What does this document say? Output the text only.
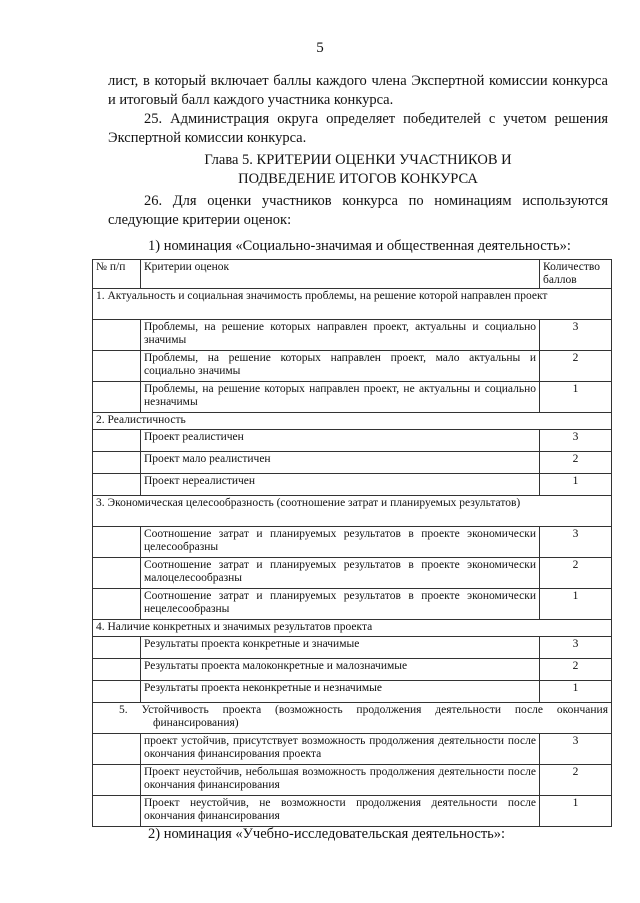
5

лист, в который включает баллы каждого члена Экспертной комиссии конкурса и итоговый балл каждого участника конкурса.

25. Администрация округа определяет победителей с учетом решения Экспертной комиссии конкурса.

Глава 5. КРИТЕРИИ ОЦЕНКИ УЧАСТНИКОВ И
ПОДВЕДЕНИЕ ИТОГОВ КОНКУРСА

26. Для оценки участников конкурса по номинациям используются следующие критерии оценок:

1) номинация «Социально-значимая и общественная деятельность»:
№ п/п	Критерии оценок	Количество баллов
1. Актуальность и социальная значимость проблемы, на решение которой направлен проект		
	Проблемы, на решение которых направлен проект, актуальны и социально значимы	3
	Проблемы, на решение которых направлен проект, мало актуальны и социально значимы	2
	Проблемы, на решение которых направлен проект, не актуальны и социально незначимы	1
2. Реалистичность		
	Проект реалистичен	3
	Проект мало реалистичен	2
	Проект нереалистичен	1
3. Экономическая целесообразность (соотношение затрат и планируемых результатов)		
	Соотношение затрат и планируемых результатов в проекте экономически целесообразны	3
	Соотношение затрат и планируемых результатов в проекте экономически малоцелесообразны	2
	Соотношение затрат и планируемых результатов в проекте экономически нецелесообразны	1
4. Наличие конкретных и значимых результатов проекта		
	Результаты проекта конкретные и значимые	3
	Результаты проекта малоконкретные и малозначимые	2
	Результаты проекта неконкретные и незначимые	1
5. Устойчивость проекта (возможность продолжения деятельности после окончания финансирования)		
	проект устойчив, присутствует возможность продолжения деятельности после окончания финансирования проекта	3
	Проект неустойчив, небольшая возможность продолжения деятельности после окончания финансирования	2
	Проект неустойчив, не возможности продолжения деятельности после окончания финансирования	1
2) номинация «Учебно-исследовательская деятельность»:
